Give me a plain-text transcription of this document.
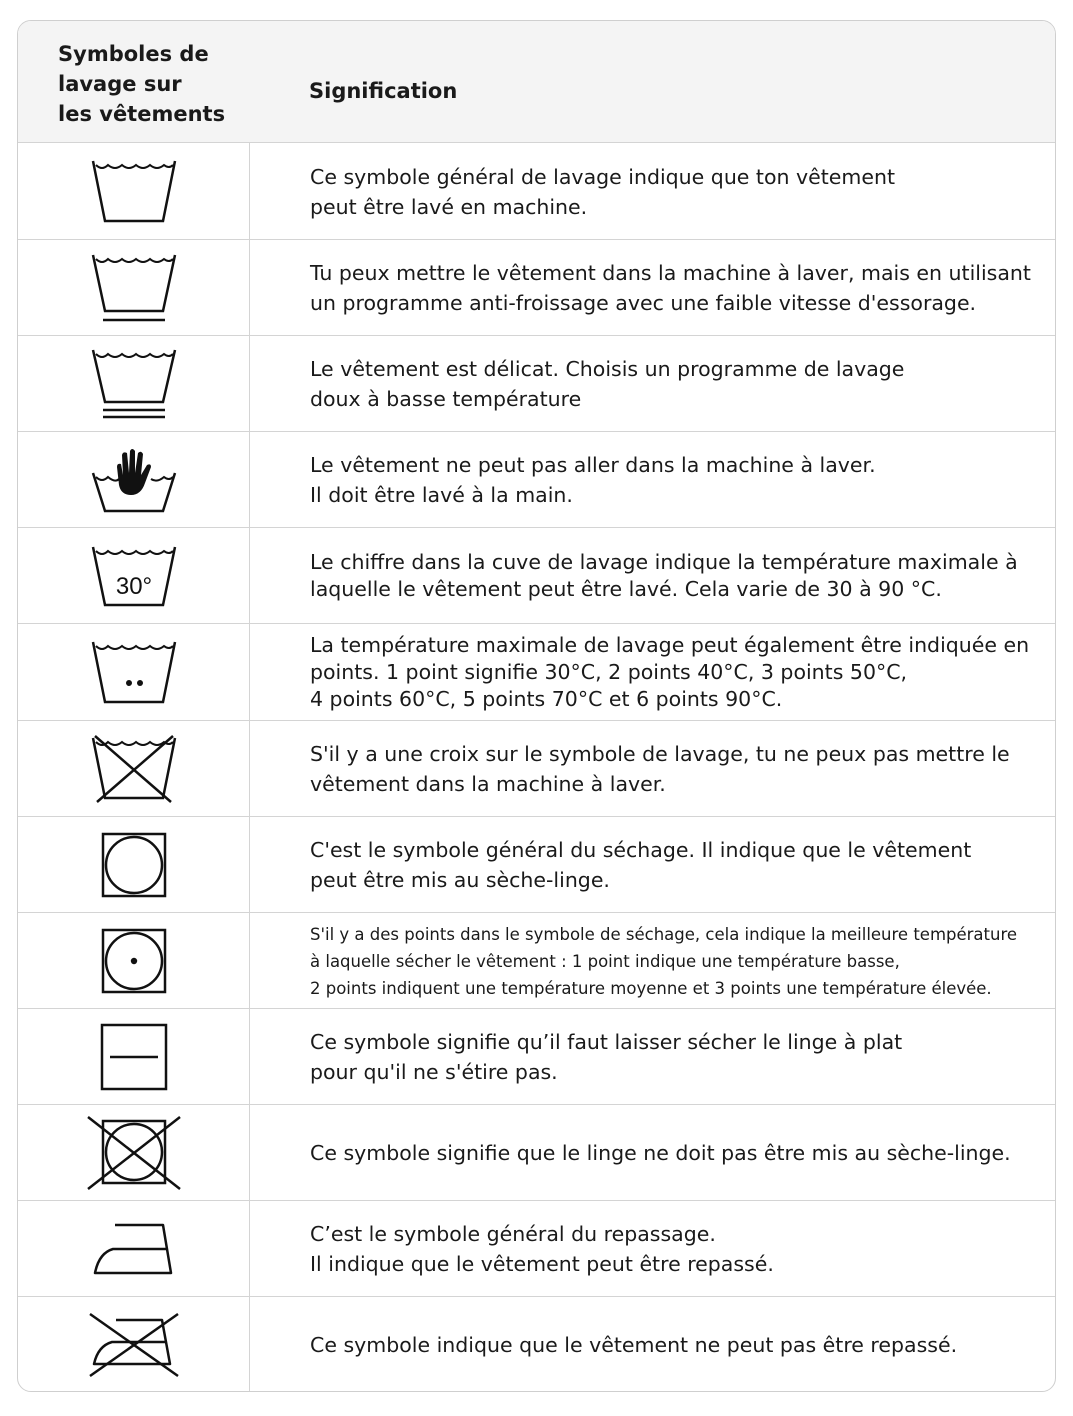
Symboles de
lavage sur
les vêtements
Signification
Ce symbole général de lavage indique que ton vêtement
peut être lavé en machine.
Tu peux mettre le vêtement dans la machine à laver, mais en utilisant
un programme anti-froissage avec une faible vitesse d'essorage.
Le vêtement est délicat. Choisis un programme de lavage
doux à basse température
Le vêtement ne peut pas aller dans la machine à laver.
Il doit être lavé à la main.
30°
Le chiffre dans la cuve de lavage indique la température maximale à
laquelle le vêtement peut être lavé. Cela varie de 30 à 90 °C.
La température maximale de lavage peut également être indiquée en
points. 1 point signifie 30°C, 2 points 40°C, 3 points 50°C,
4 points 60°C, 5 points 70°C et 6 points 90°C.
S'il y a une croix sur le symbole de lavage, tu ne peux pas mettre le
vêtement dans la machine à laver.
C'est le symbole général du séchage. Il indique que le vêtement
peut être mis au sèche-linge.
S'il y a des points dans le symbole de séchage, cela indique la meilleure température
à laquelle sécher le vêtement : 1 point indique une température basse,
2 points indiquent une température moyenne et 3 points une température élevée.
Ce symbole signifie qu’il faut laisser sécher le linge à plat
pour qu'il ne s'étire pas.
Ce symbole signifie que le linge ne doit pas être mis au sèche-linge.
C’est le symbole général du repassage.
Il indique que le vêtement peut être repassé.
Ce symbole indique que le vêtement ne peut pas être repassé.
